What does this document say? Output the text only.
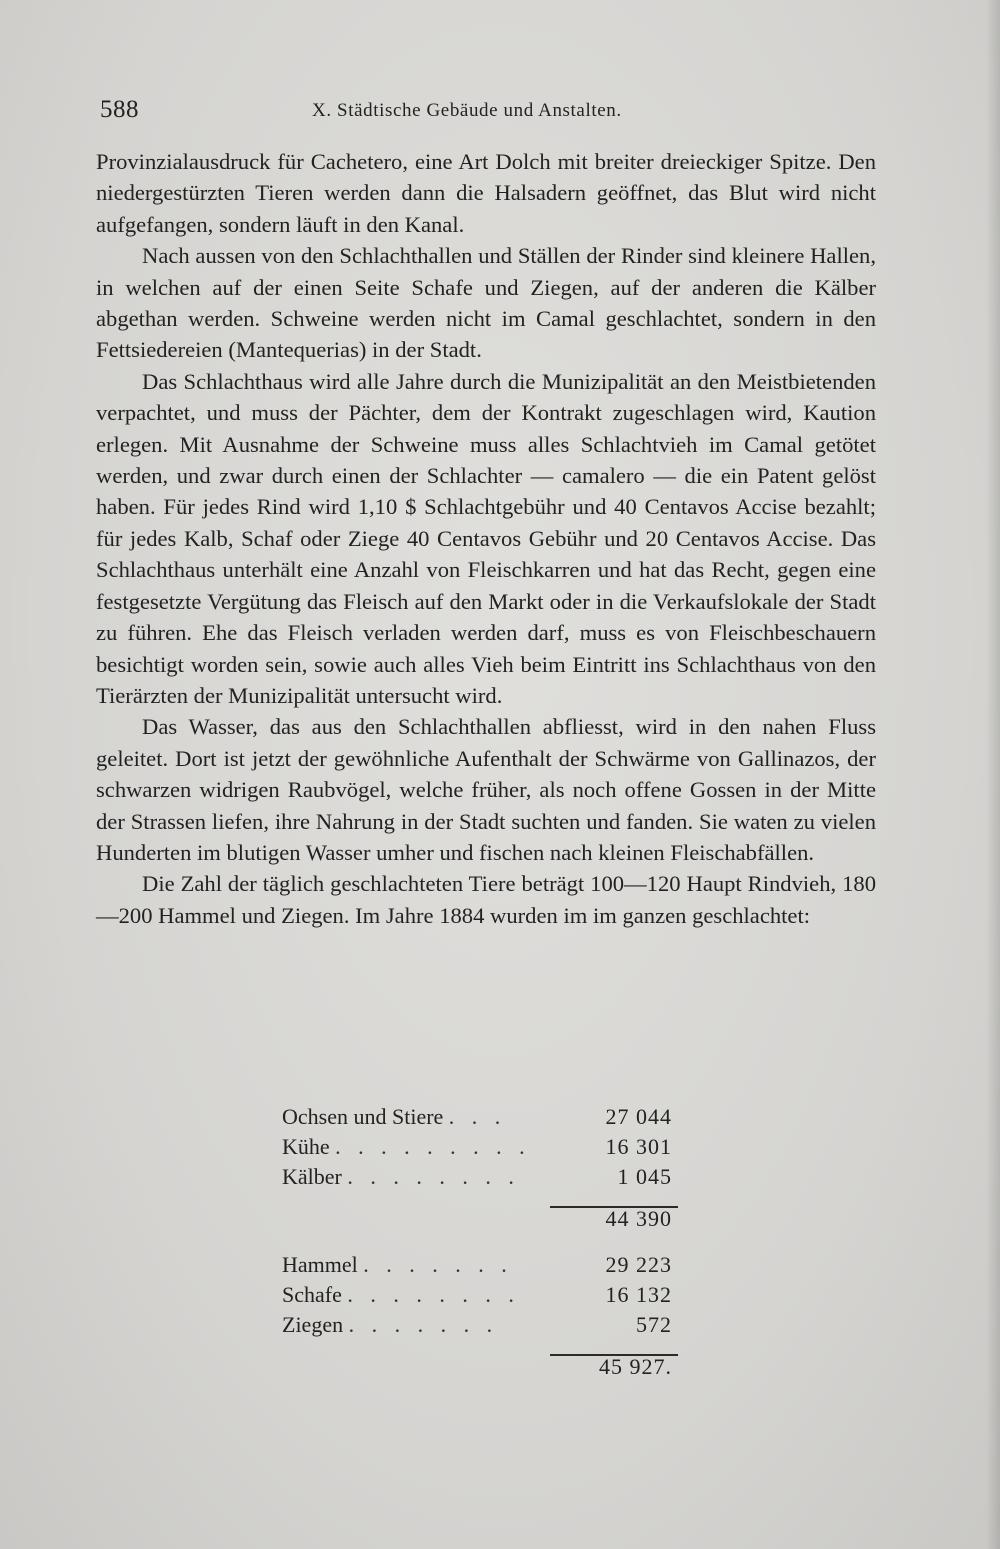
588	X. Städtische Gebäude und Anstalten.

Provinzialausdruck für Cachetero, eine Art Dolch mit breiter dreieckiger Spitze. Den niedergestürzten Tieren werden dann die Halsadern geöffnet, das Blut wird nicht aufgefangen, sondern läuft in den Kanal.

Nach aussen von den Schlachthallen und Ställen der Rinder sind kleinere Hallen, in welchen auf der einen Seite Schafe und Ziegen, auf der anderen die Kälber abgethan werden. Schweine werden nicht im Camal geschlachtet, sondern in den Fettsiedereien (Mantequerias) in der Stadt.

Das Schlachthaus wird alle Jahre durch die Munizipalität an den Meistbietenden verpachtet, und muss der Pächter, dem der Kontrakt zugeschlagen wird, Kaution erlegen. Mit Ausnahme der Schweine muss alles Schlachtvieh im Camal getötet werden, und zwar durch einen der Schlachter — camalero — die ein Patent gelöst haben. Für jedes Rind wird 1,10 $ Schlachtgebühr und 40 Centavos Accise bezahlt; für jedes Kalb, Schaf oder Ziege 40 Centavos Gebühr und 20 Centavos Accise. Das Schlachthaus unterhält eine Anzahl von Fleischkarren und hat das Recht, gegen eine festgesetzte Vergütung das Fleisch auf den Markt oder in die Verkaufslokale der Stadt zu führen. Ehe das Fleisch verladen werden darf, muss es von Fleischbeschauern besichtigt worden sein, sowie auch alles Vieh beim Eintritt ins Schlachthaus von den Tierärzten der Munizipalität untersucht wird.

Das Wasser, das aus den Schlachthallen abfliesst, wird in den nahen Fluss geleitet. Dort ist jetzt der gewöhnliche Aufenthalt der Schwärme von Gallinazos, der schwarzen widrigen Raubvögel, welche früher, als noch offene Gossen in der Mitte der Strassen liefen, ihre Nahrung in der Stadt suchten und fanden. Sie waten zu vielen Hunderten im blutigen Wasser umher und fischen nach kleinen Fleischabfällen.

Die Zahl der täglich geschlachteten Tiere beträgt 100—120 Haupt Rindvieh, 180—200 Hammel und Ziegen. Im Jahre 1884 wurden im im ganzen geschlachtet:

Ochsen und Stiere . . .	27 044
Kühe . . . . . . . . .	16 301
Kälber . . . . . . . .	1 045
44 390
Hammel . . . . . . .	29 223
Schafe . . . . . . . .	16 132
Ziegen . . . . . . .	572
45 927.
